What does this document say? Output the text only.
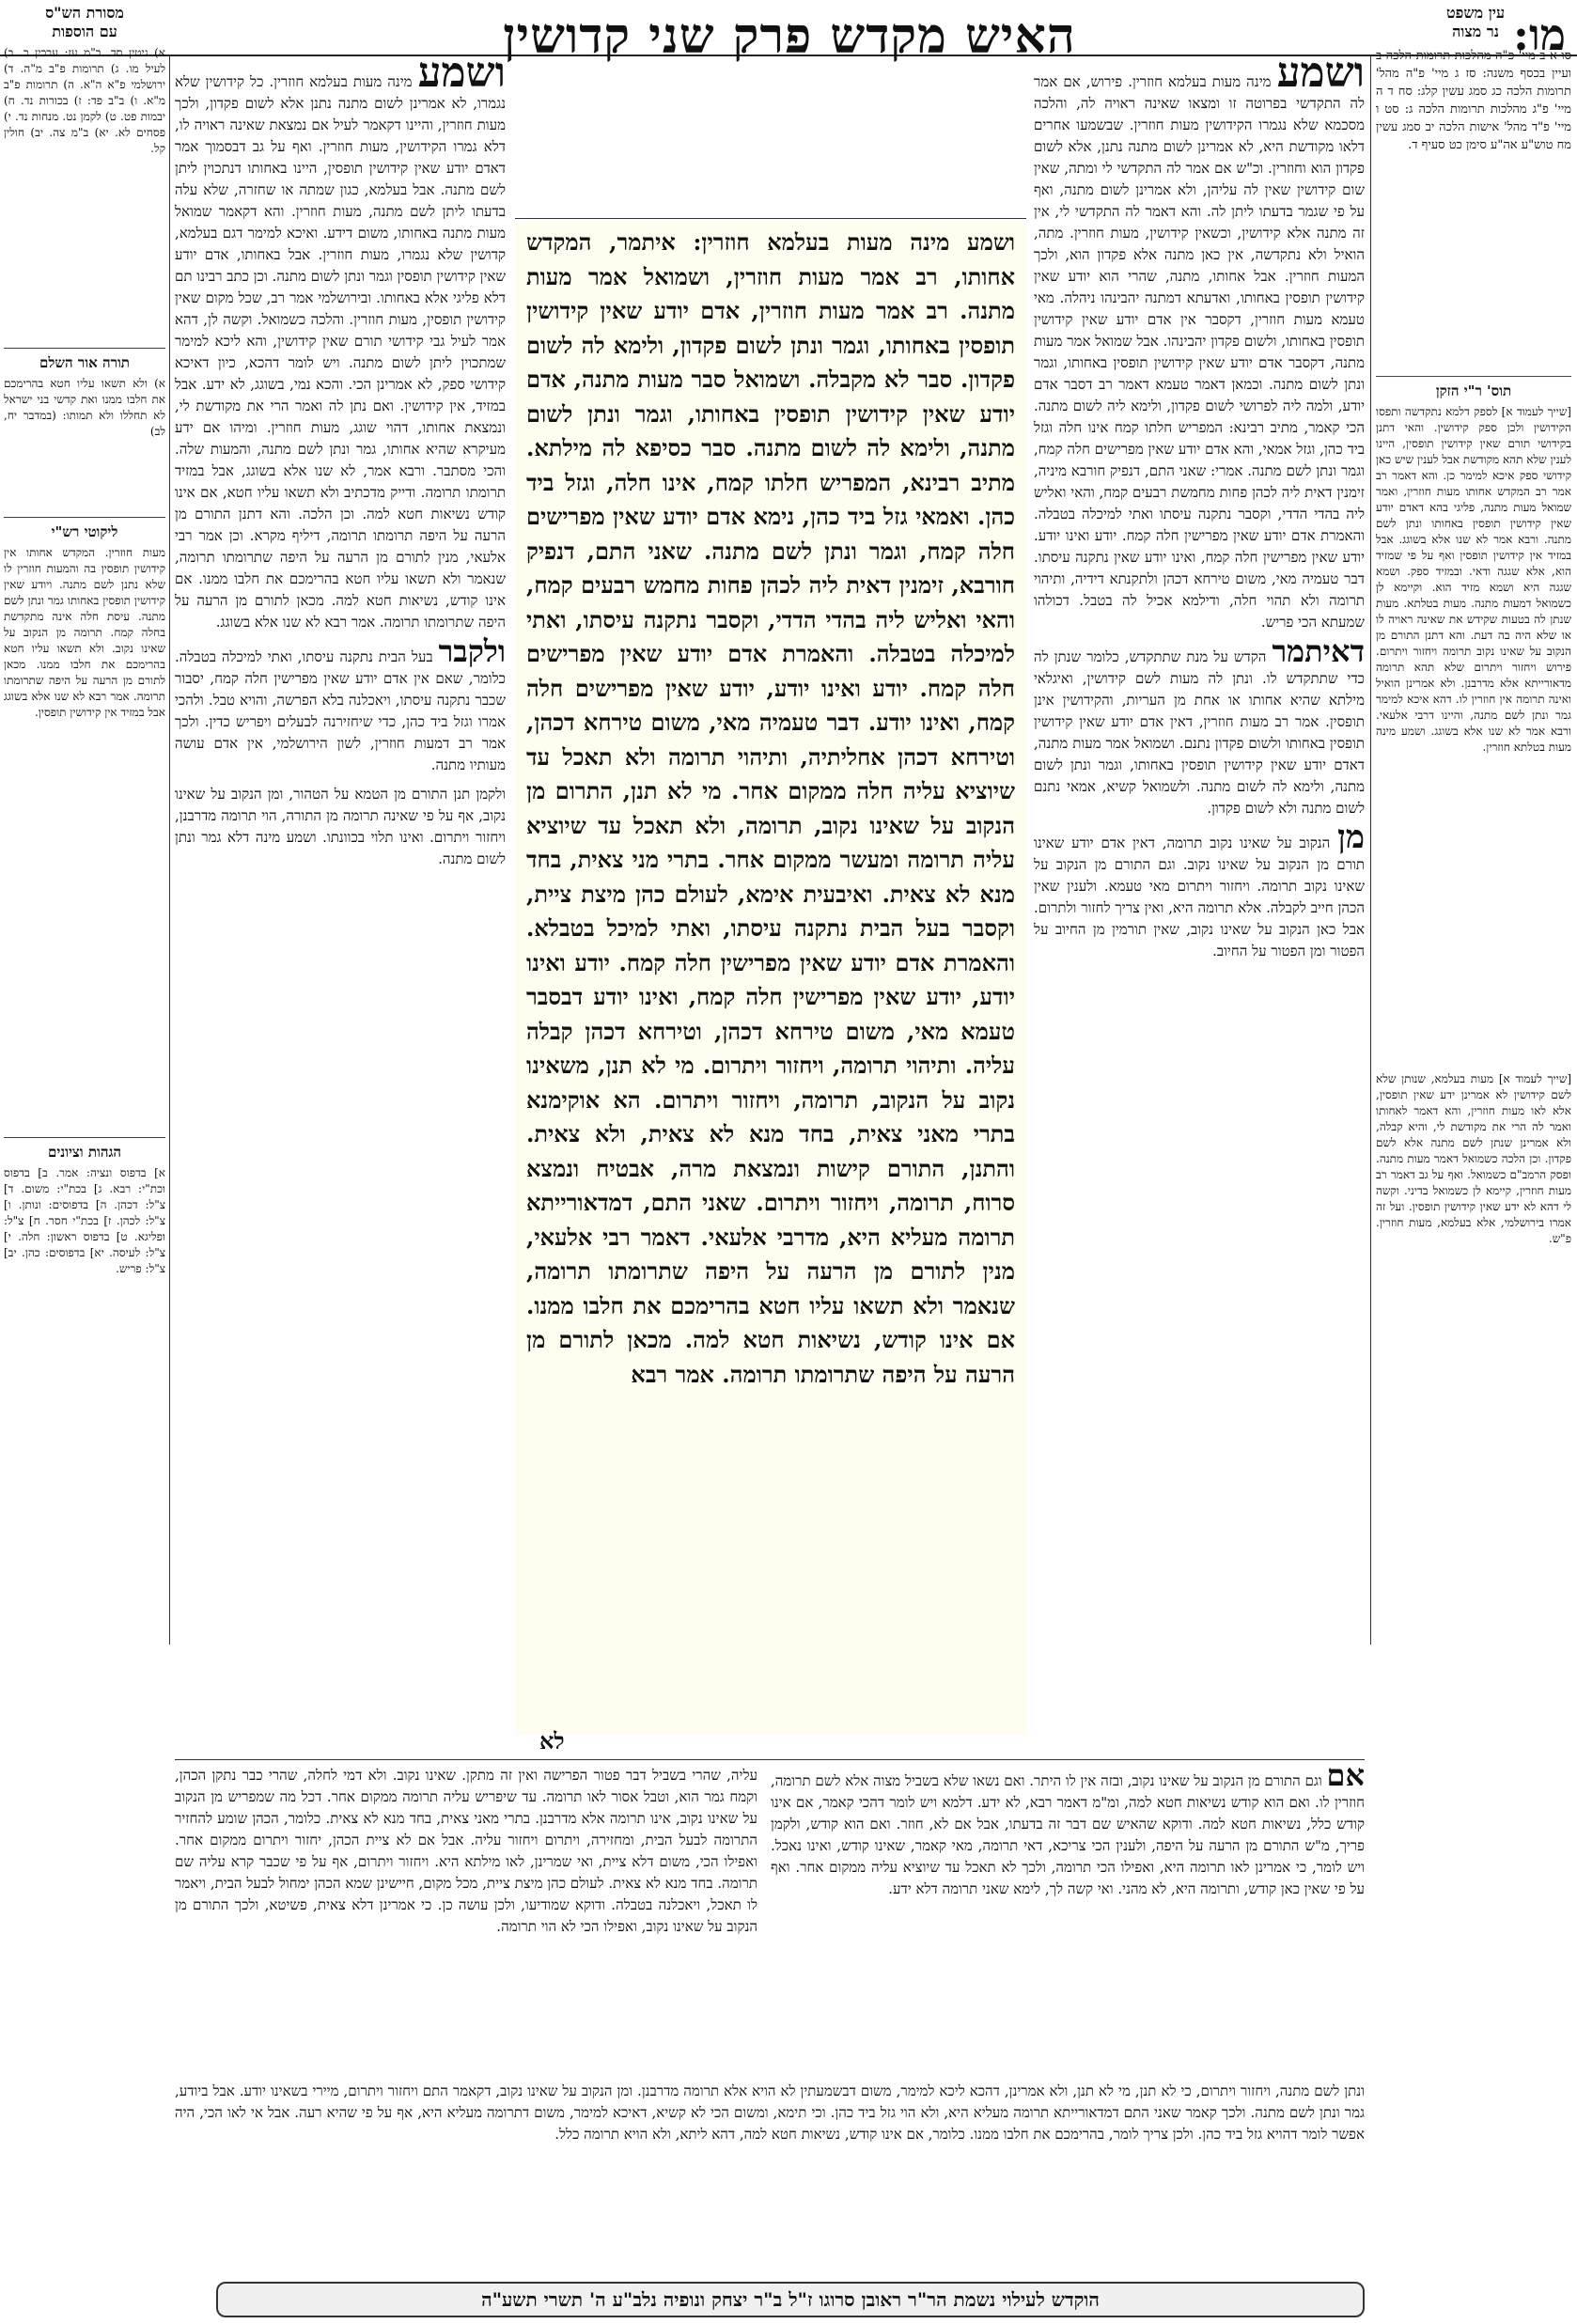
מו:
האיש מקדש פרק שני קדושין	עין משפט
נר מצוה
מסורת הש"ס
עם הוספות

א) גיטין סד. ב"מ עז: ערכין כ. ב) לעיל מו. ג) תרומות פ"ב מ"ה. ד) ירושלמי פ"א ה"א. ה) תרומות פ"ב מ"א. ו) ב"ב פד: ז) בכורות נד. ח) יבמות פט. ט) לקמן נט. מנחות נד. י) פסחים לא. יא) ב"מ צה. יב) חולין קל.

תורה אור השלם
א) ולא תשאו עליו חטא בהרימכם את חלבו ממנו ואת קדשי בני ישראל לא תחללו ולא תמותו: (במדבר יח, לב)
ליקוטי רש"י
מעות חוזרין. המקדש אחותו אין קידושין תופסין בה והמעות חוזרין לו שלא נתנן לשם מתנה. ויודע שאין קידושין תופסין באחותו גמר ונתן לשם מתנה. עיסת חלה אינה מתקדשת בחלה קמח. תרומה מן הנקוב על שאינו נקוב. ולא תשאו עליו חטא בהרימכם את חלבו ממנו. מכאן לתורם מן הרעה על היפה שתרומתו תרומה. אמר רבא לא שנו אלא בשוגג אבל במזיד אין קידושין תופסין.
הגהות וציונים
א] בדפוס ונציה: אמר. ב] בדפוס וכת"י: רבא. ג] בכת"י: משום. ד] צ"ל: דכהן. ה] בדפוסים: ונותן. ו] צ"ל: לכהן. ז] בכת"י חסר. ח] צ"ל: ופליגא. ט] בדפוס ראשון: חלה. י] צ"ל: לעיסה. יא] בדפוסים: כהן. יב] צ"ל: פריש.
סו א ב מיי' פ"ה מהלכות תרומות הלכה ב ועיין בכסף משנה: סז ג מיי' פ"ה מהל' תרומות הלכה כג סמג עשין קלג: סח ד ה מיי' פ"ג מהלכות תרומות הלכה ג: סט ו מיי' פ"ד מהל' אישות הלכה יב סמג עשין מח טוש"ע אה"ע סימן כט סעיף ד.
תוס' ר"י הזקן
[שייך לעמוד א] לספק דלמא נתקדשה ותפסו הקידושין ולכן ספק קידושין. והאי דתנן בקידושי תורם שאין קידושין תופסין, היינו לענין שלא תהא מקודשת אבל לענין שיש כאן קידושי ספק איכא למימר כן. והא דאמר רב אמר רב המקדש אחותו מעות חוזרין, ואמר שמואל מעות מתנה, פליגי בהא דאדם יודע שאין קידושין תופסין באחותו ונתן לשם מתנה. ורבא אמר לא שנו אלא בשוגג. אבל במזיד אין קידושין תופסין ואף על פי שמזיד הוא, אלא שגגה ודאי. ובמזיד ספק. ושמא שגגה היא ושמא מזיד הוא. וקיימא לן כשמואל דמעות מתנה. מעות בטלתא. מעות שנתן לה בטעות שקידש את שאינה ראויה לו או שלא היה בה דעת. והא דתנן התורם מן הנקוב על שאינו נקוב תרומה ויחזור ויתרום. פירוש ויחזור ויתרום שלא תהא תרומה מדאורייתא אלא מדרבנן. ולא אמרינן הואיל ואינה תרומה אין חוזרין לו. דהא איכא למימר גמר ונתן לשם מתנה, והיינו דרבי אלעאי. ורבא אמר לא שנו אלא בשוגג. ושמע מינה מעות בטלתא חוזרין.
[שייך לעמוד א] מעות בעלמא, שנותן שלא לשם קידושין לא אמרינן ידע שאין תופסין, אלא לאו מעות חוזרין, והא דאמר לאחותו ואמר לה הרי את מקודשת לי, והיא קבלה, ולא אמרינן שנתן לשם מתנה אלא לשם פקדון. וכן הלכה כשמואל דאמר מעות מתנה. ופסק הרמב"ם כשמואל. ואף על גב דאמר רב מעות חוזרין, קיימא לן כשמואל בדיני. וקשה לי דהא לא ידע שאין קידושין תופסין. ועל זה אמרו בירושלמי, אלא בעלמא, מעות חוזרין. פ"ש.

ושמע מינה מעות בעלמא חוזרין. פירוש, אם אמר לה התקדשי בפרוטה זו ומצאו שאינה ראויה לה, והלכה מסכמא שלא נגמרו הקידושין מעות חוזרין. שבשמעו אחרים דלאו מקודשת היא, לא אמרינן לשום מתנה נתנן, אלא לשום פקדון הוא וחוזרין. וכ"ש אם אמר לה התקדשי לי ומתה, שאין שום קידושין שאין לה עליהן, ולא אמרינן לשום מתנה, ואף על פי שגמר בדעתו ליתן לה. והא דאמר לה התקדשי לי, אין זה מתנה אלא קידושין, וכשאין קידושין, מעות חוזרין. מתה, הואיל ולא נתקדשה, אין כאן מתנה אלא פקדון הוא, ולכך המעות חוזרין. אבל אחותו, מתנה, שהרי הוא יודע שאין קידושין תופסין באחותו, ואדעתא דמתנה יהבינהו ניהלה. מאי טעמא מעות חוזרין, דקסבר אין אדם יודע שאין קידושין תופסין באחותו, ולשום פקדון יהבינהו. אבל שמואל אמר מעות מתנה, דקסבר אדם יודע שאין קידושין תופסין באחותו, וגמר ונתן לשום מתנה. וכמאן דאמר טעמא דאמר רב דסבר אדם יודע, ולמה ליה לפרושי לשום פקדון, ולימא ליה לשום מתנה. הכי קאמר, מתיב רבינא: המפריש חלתו קמח אינו חלה וגזל ביד כהן, וגזל אמאי, והא אדם יודע שאין מפרישים חלה קמח, וגמר ונתן לשם מתנה. אמרי: שאני התם, דנפיק חורבא מיניה, זימנין דאית ליה לכהן פחות מחמשת רבעים קמח, והאי ואליש ליה בהדי הדדי, וקסבר נתקנה עיסתו ואתי למיכלה בטבלה. והאמרת אדם יודע שאין מפרישין חלה קמח. יודע ואינו יודע. יודע שאין מפרישין חלה קמח, ואינו יודע שאין נתקנה עיסתו. דבר טעמיה מאי, משום טירחא דכהן ולתקנתא דידיה, ותיהוי תרומה ולא תהוי חלה, ודילמא אכיל לה בטבל. דכולהו שמעתא הכי פריש.

דאיתמר הקדש על מנת שתתקדש, כלומר שנתן לה כדי שתתקדש לו. ונתן לה מעות לשם קידושין, ואיגלאי מילתא שהיא אחותו או אחת מן העריות, והקידושין אינן תופסין. אמר רב מעות חוזרין, דאין אדם יודע שאין קידושין תופסין באחותו ולשום פקדון נתנם. ושמואל אמר מעות מתנה, דאדם יודע שאין קידושין תופסין באחותו, וגמר ונתן לשום מתנה, ולימא לה לשום מתנה. ולשמואל קשיא, אמאי נתנם לשום מתנה ולא לשום פקדון.

מן הנקוב על שאינו נקוב תרומה, דאין אדם יודע שאינו תורם מן הנקוב על שאינו נקוב. וגם התורם מן הנקוב על שאינו נקוב תרומה. ויחזור ויתרום מאי טעמא. ולענין שאין הכהן חייב לקבלה. אלא תרומה היא, ואין צריך לחזור ולתרום. אבל כאן הנקוב על שאינו נקוב, שאין תורמין מן החיוב על הפטור ומן הפטור על החיוב.

ושמע מינה מעות בעלמא חוזרין. כל קידושין שלא נגמרו, לא אמרינן לשום מתנה נתנן אלא לשום פקדון, ולכך מעות חוזרין, והיינו דקאמר לעיל אם נמצאת שאינה ראויה לו, דלא גמרו הקידושין, מעות חוזרין. ואף על גב דבסמוך אמר דאדם יודע שאין קידושין תופסין, היינו באחותו דנתכוין ליתן לשם מתנה. אבל בעלמא, כגון שמתה או שחזרה, שלא עלה בדעתו ליתן לשם מתנה, מעות חוזרין. והא דקאמר שמואל מעות מתנה באחותו, משום דידע. ואיכא למימר דגם בעלמא, קדושין שלא נגמרו, מעות חוזרין. אבל באחותו, אדם יודע שאין קידושין תופסין וגמר ונתן לשום מתנה. וכן כתב רבינו תם דלא פליגי אלא באחותו. ובירושלמי אמר רב, שכל מקום שאין קידושין תופסין, מעות חוזרין. והלכה כשמואל. וקשה לן, דהא אמר לעיל גבי קידושי תורם שאין קידושין, והא ליכא למימר שמתכוין ליתן לשום מתנה. ויש לומר דהכא, כיון דאיכא קידושי ספק, לא אמרינן הכי. והכא נמי, בשוגג, לא ידע. אבל במזיד, אין קידושין. ואם נתן לה ואמר הרי את מקודשת לי, ונמצאת אחותו, דהוי שוגג, מעות חוזרין. ומיהו אם ידע מעיקרא שהיא אחותו, גמר ונתן לשם מתנה, והמעות שלה. והכי מסתבר. ורבא אמר, לא שנו אלא בשוגג, אבל במזיד תרומתו תרומה. ודייק מדכתיב ולא תשאו עליו חטא, אם אינו קודש נשיאות חטא למה. וכן הלכה. והא דתנן התורם מן הרעה על היפה תרומתו תרומה, דיליף מקרא. וכן אמר רבי אלעאי, מנין לתורם מן הרעה על היפה שתרומתו תרומה, שנאמר ולא תשאו עליו חטא בהרימכם את חלבו ממנו. אם אינו קודש, נשיאות חטא למה. מכאן לתורם מן הרעה על היפה שתרומתו תרומה. אמר רבא לא שנו אלא בשוגג.

ולקבר בעל הבית נתקנה עיסתו, ואתי למיכלה בטבלה. כלומר, שאם אין אדם יודע שאין מפרישין חלה קמח, יסבור שכבר נתקנה עיסתו, ויאכלנה בלא הפרשה, והויא טבל. ולהכי אמרו וגזל ביד כהן, כדי שיחזירנה לבעלים ויפריש כדין. ולכך אמר רב דמעות חוזרין, לשון הירושלמי, אין אדם עושה מעותיו מתנה.

ולקמן תנן התורם מן הטמא על הטהור, ומן הנקוב על שאינו נקוב, אף על פי שאינה תרומה מן התורה, הוי תרומה מדרבנן, ויחזור ויתרום. ואינו תלוי בכוונתו. ושמע מינה דלא גמר ונתן לשום מתנה.

ושמע מינה מעות בעלמא חוזרין: איתמר, המקדש אחותו, רב אמר מעות חוזרין, ושמואל אמר מעות מתנה. רב אמר מעות חוזרין, אדם יודע שאין קידושין תופסין באחותו, וגמר ונתן לשום פקדון, ולימא לה לשום פקדון. סבר לא מקבלה. ושמואל סבר מעות מתנה, אדם יודע שאין קידושין תופסין באחותו, וגמר ונתן לשום מתנה, ולימא לה לשום מתנה. סבר כסיפא לה מילתא. מתיב רבינא, המפריש חלתו קמח, אינו חלה, וגזל ביד כהן. ואמאי גזל ביד כהן, נימא אדם יודע שאין מפרישים חלה קמח, וגמר ונתן לשם מתנה. שאני התם, דנפיק חורבא, זימנין דאית ליה לכהן פחות מחמש רבעים קמח, והאי ואליש ליה בהדי הדדי, וקסבר נתקנה עיסתו, ואתי למיכלה בטבלה. והאמרת אדם יודע שאין מפרישים חלה קמח. יודע ואינו יודע, יודע שאין מפרישים חלה קמח, ואינו יודע. דבר טעמיה מאי, משום טירחא דכהן, וטירחא דכהן אחליתיה, ותיהוי תרומה ולא תאכל עד שיוציא עליה חלה ממקום אחר. מי לא תנן, התרום מן הנקוב על שאינו נקוב, תרומה, ולא תאכל עד שיוציא עליה תרומה ומעשר ממקום אחר. בתרי מני צאית, בחד מנא לא צאית. ואיבעית אימא, לעולם כהן מיצת ציית, וקסבר בעל הבית נתקנה עיסתו, ואתי למיכל בטבלא. והאמרת אדם יודע שאין מפרישין חלה קמח. יודע ואינו יודע, יודע שאין מפרישין חלה קמח, ואינו יודע דבסבר טעמא מאי, משום טירחא דכהן, וטירחא דכהן קבלה עליה. ותיהוי תרומה, ויחזור ויתרום. מי לא תנן, משאינו נקוב על הנקוב, תרומה, ויחזור ויתרום. הא אוקימנא בתרי מאני צאית, בחד מנא לא צאית, ולא צאית. והתנן, התורם קישות ונמצאת מרה, אבטיח ונמצא סרוח, תרומה, ויחזור ויתרום. שאני התם, דמדאורייתא תרומה מעליא היא, מדרבי אלעאי. דאמר רבי אלעאי, מנין לתורם מן הרעה על היפה שתרומתו תרומה, שנאמר ולא תשאו עליו חטא בהרימכם את חלבו ממנו. אם אינו קודש, נשיאות חטא למה. מכאן לתורם מן הרעה על היפה שתרומתו תרומה. אמר רבא

לא

אם וגם התורם מן הנקוב על שאינו נקוב, ובזה אין לו היתר. ואם נשאו שלא בשביל מצוה אלא לשם תרומה, חוזרין לו. ואם הוא קודש נשיאות חטא למה, ומ"מ דאמר רבא, לא ידע. דלמא ויש לומר דהכי קאמר, אם אינו קודש כלל, נשיאות חטא למה. ודוקא שהאיש שם דבר זה בדעתו, אבל אם לא, חוזר. ואם הוא קודש, ולקמן פריך, מ"ש התורם מן הרעה על היפה, ולענין הכי צריכא, דאי תרומה, מאי קאמר, שאינו קודש, ואינו נאכל. ויש לומר, כי אמרינן לאו תרומה היא, ואפילו הכי תרומה, ולכך לא תאכל עד שיוציא עליה ממקום אחר. ואף על פי שאין כאן קודש, ותרומה היא, לא מהני. ואי קשה לך, לימא שאני תרומה דלא ידע.

עליה, שהרי בשביל דבר פטור הפרישה ואין זה מתקן. שאינו נקוב. ולא דמי לחלה, שהרי כבר נתקן הכהן, וקמח גמר הוא, וטבל אסור לאו תרומה. עד שיפריש עליה תרומה ממקום אחר. דכל מה שמפריש מן הנקוב על שאינו נקוב, אינו תרומה אלא מדרבנן. בתרי מאני צאית, בחד מנא לא צאית. כלומר, הכהן שומע להחזיר התרומה לבעל הבית, ומחזירה, ויתרום ויחזור עליה. אבל אם לא ציית הכהן, יחזור ויתרום ממקום אחר. ואפילו הכי, משום דלא ציית, ואי שמרינן, לאו מילתא היא. ויחזור ויתרום, אף על פי שכבר קרא עליה שם תרומה. בחד מנא לא צאית. לעולם כהן מיצת ציית, מכל מקום, חיישינן שמא הכהן ימחול לבעל הבית, ויאמר לו תאכל, ויאכלנה בטבלה. ודוקא שמודיעו, ולכן עושה כן. כי אמרינן דלא צאית, פשיטא, ולכך התורם מן הנקוב על שאינו נקוב, ואפילו הכי לא הוי תרומה.
ונתן לשם מתנה, ויחזור ויתרום, כי לא תנן, מי לא תנן, ולא אמרינן, דהכא ליכא למימר, משום דבשמעתין לא הויא אלא תרומה מדרבנן. ומן הנקוב על שאינו נקוב, דקאמר התם ויחזור ויתרום, מיירי בשאינו יודע. אבל ביודע, גמר ונתן לשם מתנה. ולכך קאמר שאני התם דמדאורייתא תרומה מעליא היא, ולא הוי גזל ביד כהן. וכי תימא, ומשום הכי לא קשיא, דאיכא למימר, משום דתרומה מעליא היא, אף על פי שהיא רעה. אבל אי לאו הכי, היה אפשר לומר דהויא גזל ביד כהן. ולכן צריך לומר, בהרימכם את חלבו ממנו. כלומר, אם אינו קודש, נשיאות חטא למה, דהא ליתא, ולא הויא תרומה כלל.
הוקדש לעילוי נשמת הר"ר ראובן סרוגו ז"ל ב"ר יצחק ונופיה נלב"ע ה' תשרי תשע"ה
